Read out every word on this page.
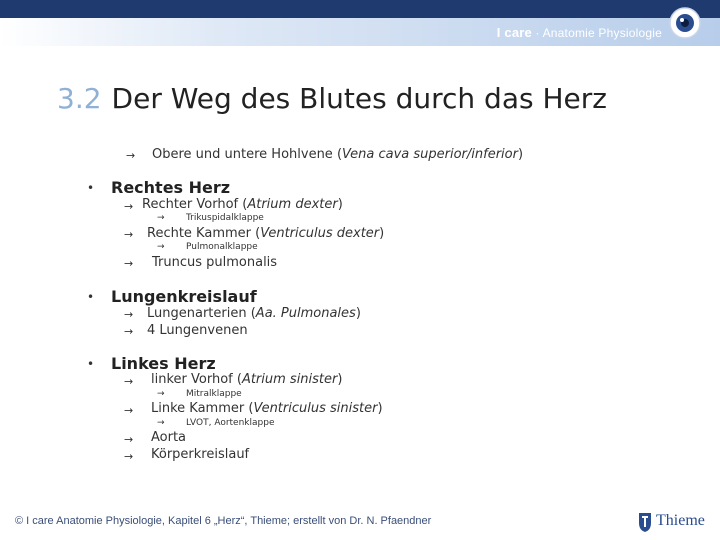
I care · Anatomie Physiologie
3.2 Der Weg des Blutes durch das Herz
→ Obere und untere Hohlvene (Vena cava superior/inferior)
• Rechtes Herz
→ Rechter Vorhof (Atrium dexter)
→ Trikuspidalklappe
→ Rechte Kammer (Ventriculus dexter)
→ Pulmonalklappe
→ Truncus pulmonalis
• Lungenkreislauf
→ Lungenarterien (Aa. Pulmonales)
→ 4 Lungenvenen
• Linkes Herz
→ linker Vorhof (Atrium sinister)
→ Mitralklappe
→ Linke Kammer (Ventriculus sinister)
→ LVOT, Aortenklappe
→ Aorta
→ Körperkreislauf
© I care Anatomie Physiologie, Kapitel 6 „Herz“, Thieme; erstellt von Dr. N. Pfaendner	Thieme
